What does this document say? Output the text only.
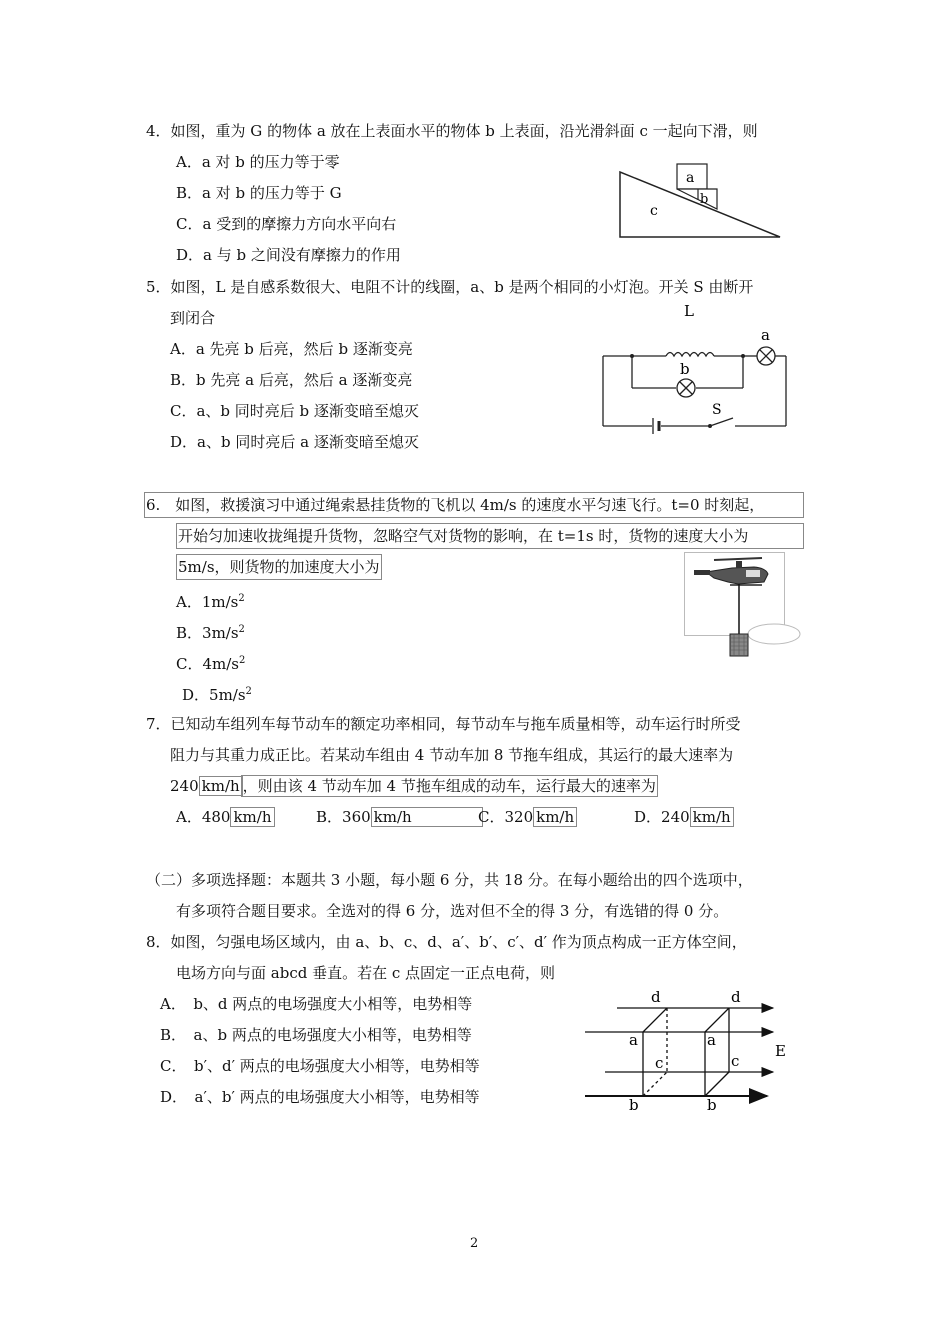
4．如图，重为 G 的物体 a 放在上表面水平的物体 b 上表面，沿光滑斜面 c 一起向下滑，则
A．a 对 b 的压力等于零
B．a 对 b 的压力等于 G
C．a 受到的摩擦力方向水平向右
D．a 与 b 之间没有摩擦力的作用
a
b
c
5．如图，L 是自感系数很大、电阻不计的线圈，a、b 是两个相同的小灯泡。开关 S 由断开
到闭合
A．a 先亮 b 后亮，然后 b 逐渐变亮
B．b 先亮 a 后亮，然后 a 逐渐变亮
C．a、b 同时亮后 b 逐渐变暗至熄灭
D．a、b 同时亮后 a 逐渐变暗至熄灭
L
a
b
S
6.　如图，救援演习中通过绳索悬挂货物的飞机以 4m/s 的速度水平匀速飞行。t=0 时刻起，
开始匀加速收拢绳提升货物，忽略空气对货物的影响，在 t=1s 时，货物的速度大小为
5m/s，则货物的加速度大小为
A．$1m/s^2$
B．$3m/s^2$
C．$4m/s^2$
D．$5m/s^2$
7．已知动车组列车每节动车的额定功率相同，每节动车与拖车质量相等，动车运行时所受
阻力与其重力成正比。若某动车组由 4 节动车加 8 节拖车组成，其运行的最大速率为
240 km/h ，则由该 4 节动车加 4 节拖车组成的动车，运行最大的速率为
A．480 km/h	B．360 km/h	C．320 km/h	D．240 km/h
（二）多项选择题：本题共 3 小题，每小题 6 分，共 18 分。在每小题给出的四个选项中，
有多项符合题目要求。全选对的得 6 分，选对但不全的得 3 分，有选错的得 0 分。
8．如图，匀强电场区域内，由 a、b、c、d、a′、b′、c′、d′ 作为顶点构成一正方体空间，
电场方向与面 abcd 垂直。若在 c 点固定一正点电荷，则
A．　b、d 两点的电场强度大小相等，电势相等
B．　a、b 两点的电场强度大小相等，电势相等
C．　b′、d′ 两点的电场强度大小相等，电势相等
D．　a′、b′ 两点的电场强度大小相等，电势相等
d	d
a	a
c	c
E
b	b
2
